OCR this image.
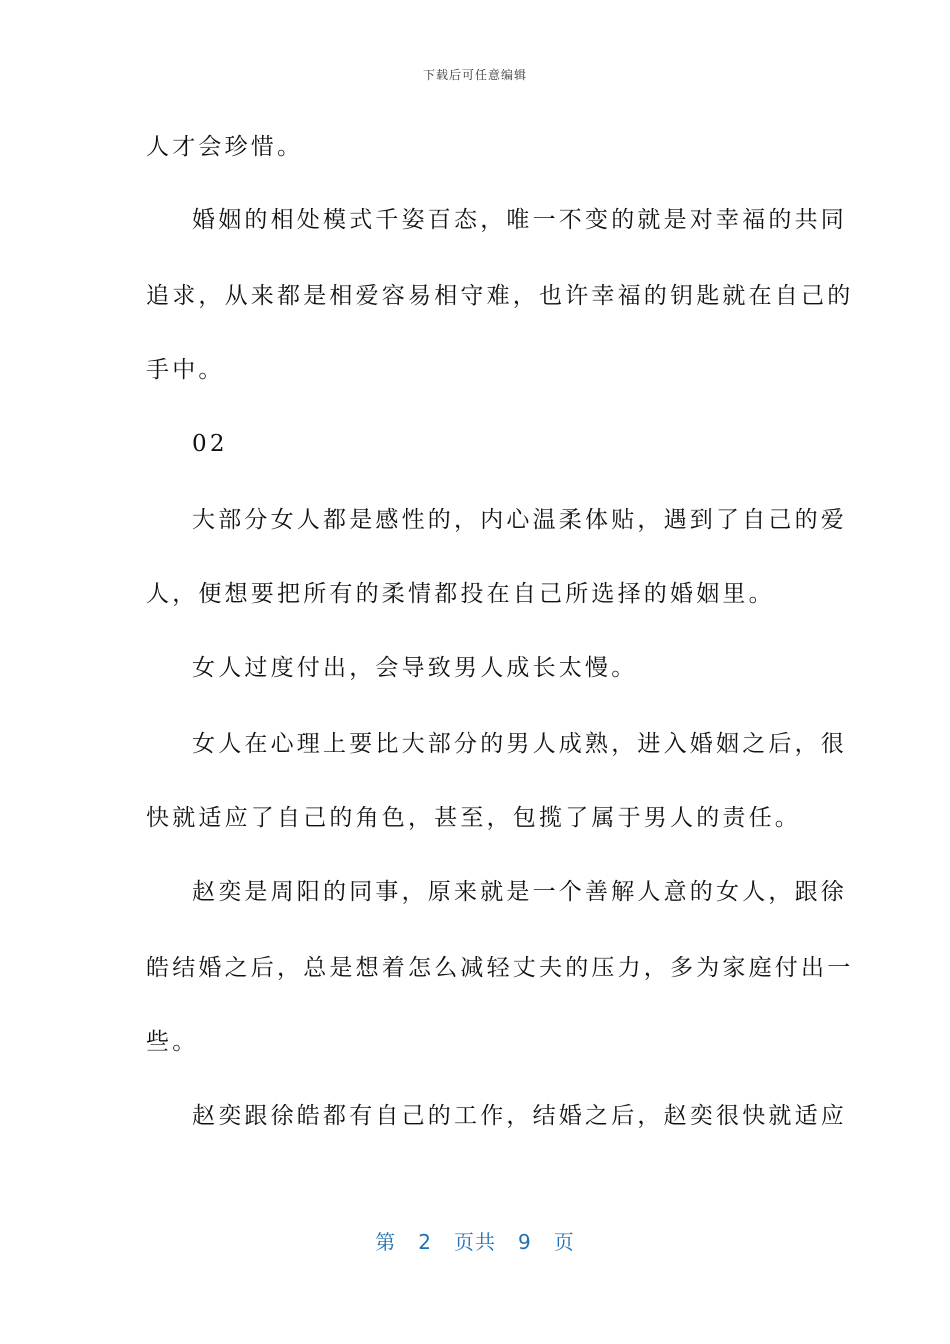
下载后可任意编辑
人才会珍惜。
婚姻的相处模式千姿百态，唯一不变的就是对幸福的共同
追求，从来都是相爱容易相守难，也许幸福的钥匙就在自己的
手中。
02
大部分女人都是感性的，内心温柔体贴，遇到了自己的爱
人，便想要把所有的柔情都投在自己所选择的婚姻里。
女人过度付出，会导致男人成长太慢。
女人在心理上要比大部分的男人成熟，进入婚姻之后，很
快就适应了自己的角色，甚至，包揽了属于男人的责任。
赵奕是周阳的同事，原来就是一个善解人意的女人，跟徐
皓结婚之后，总是想着怎么减轻丈夫的压力，多为家庭付出一
些。
赵奕跟徐皓都有自己的工作，结婚之后，赵奕很快就适应
第 2 页共 9 页
